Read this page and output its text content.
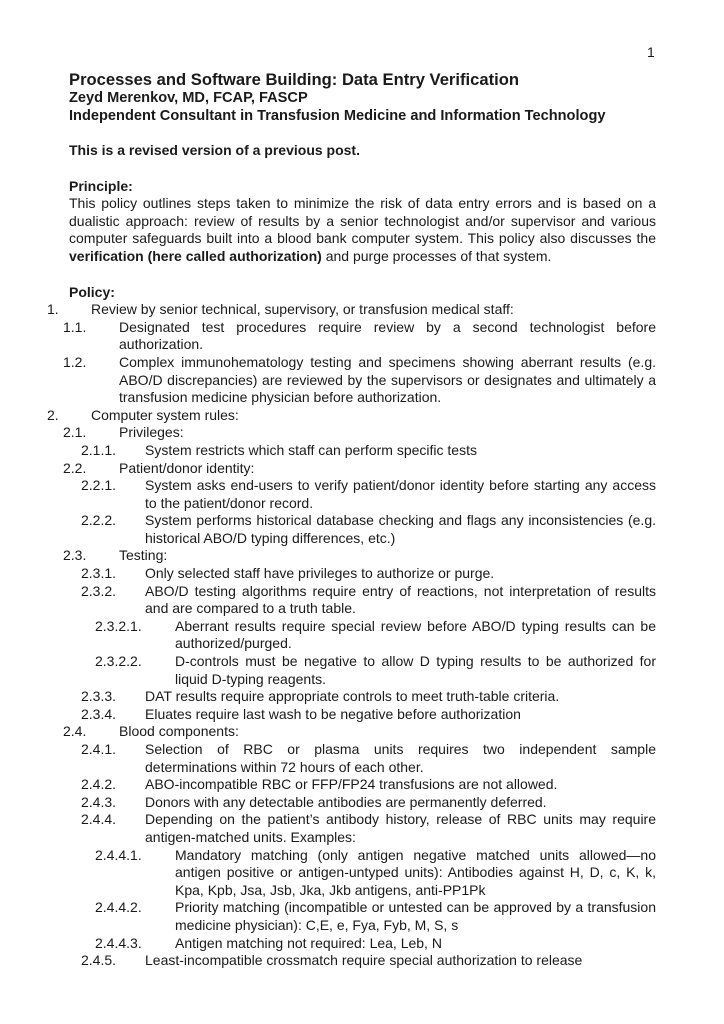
1

Processes and Software Building: Data Entry Verification

Zeyd Merenkov, MD, FCAP, FASCP

Independent Consultant in Transfusion Medicine and Information Technology

This is a revised version of a previous post.
Principle:
This policy outlines steps taken to minimize the risk of data entry errors and is based on a dualistic approach: review of results by a senior technologist and/or supervisor and various computer safeguards built into a blood bank computer system. This policy also discusses the verification (here called authorization) and purge processes of that system.
Policy:
1. Review by senior technical, supervisory, or transfusion medical staff:
1.1. Designated test procedures require review by a second technologist before authorization.
1.2. Complex immunohematology testing and specimens showing aberrant results (e.g. ABO/D discrepancies) are reviewed by the supervisors or designates and ultimately a transfusion medicine physician before authorization.
2. Computer system rules:
2.1. Privileges:
2.1.1. System restricts which staff can perform specific tests
2.2. Patient/donor identity:
2.2.1. System asks end-users to verify patient/donor identity before starting any access to the patient/donor record.
2.2.2. System performs historical database checking and flags any inconsistencies (e.g. historical ABO/D typing differences, etc.)
2.3. Testing:
2.3.1. Only selected staff have privileges to authorize or purge.
2.3.2. ABO/D testing algorithms require entry of reactions, not interpretation of results and are compared to a truth table.
2.3.2.1. Aberrant results require special review before ABO/D typing results can be authorized/purged.
2.3.2.2. D-controls must be negative to allow D typing results to be authorized for liquid D-typing reagents.
2.3.3. DAT results require appropriate controls to meet truth-table criteria.
2.3.4. Eluates require last wash to be negative before authorization
2.4. Blood components:
2.4.1. Selection of RBC or plasma units requires two independent sample determinations within 72 hours of each other.
2.4.2. ABO-incompatible RBC or FFP/FP24 transfusions are not allowed.
2.4.3. Donors with any detectable antibodies are permanently deferred.
2.4.4. Depending on the patient’s antibody history, release of RBC units may require antigen-matched units. Examples:
2.4.4.1. Mandatory matching (only antigen negative matched units allowed—no antigen positive or antigen-untyped units): Antibodies against H, D, c, K, k, Kpa, Kpb, Jsa, Jsb, Jka, Jkb antigens, anti-PP1Pk
2.4.4.2. Priority matching (incompatible or untested can be approved by a transfusion medicine physician): C,E, e, Fya, Fyb, M, S, s
2.4.4.3. Antigen matching not required: Lea, Leb, N
2.4.5. Least-incompatible crossmatch require special authorization to release
